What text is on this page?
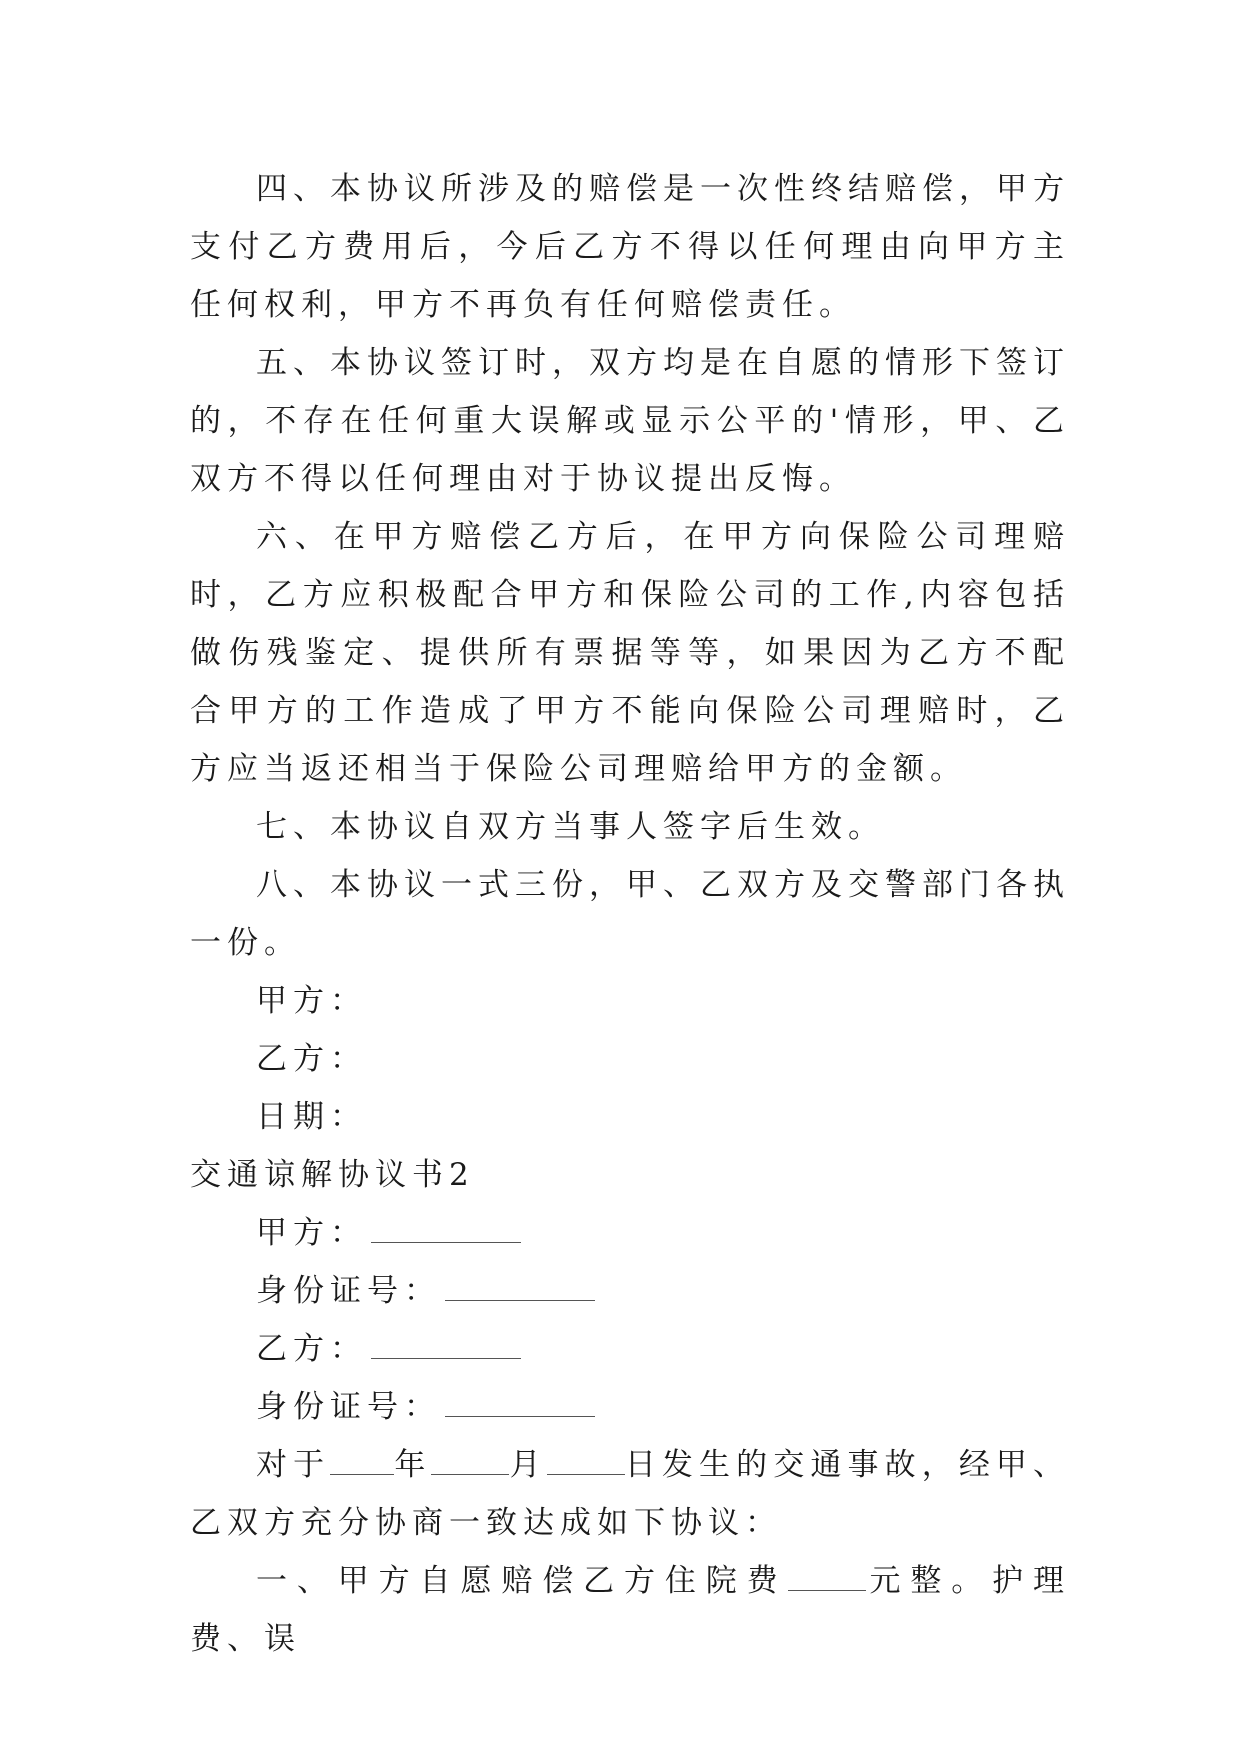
四、本协议所涉及的赔偿是一次性终结赔偿，甲方支付乙方费用后，今后乙方不得以任何理由向甲方主任何权利，甲方不再负有任何赔偿责任。

五、本协议签订时，双方均是在自愿的情形下签订的，不存在任何重大误解或显示公平的'情形，甲、乙双方不得以任何理由对于协议提出反悔。

六、在甲方赔偿乙方后，在甲方向保险公司理赔时，乙方应积极配合甲方和保险公司的工作,内容包括做伤残鉴定、提供所有票据等等，如果因为乙方不配合甲方的工作造成了甲方不能向保险公司理赔时，乙方应当返还相当于保险公司理赔给甲方的金额。

七、本协议自双方当事人签字后生效。

八、本协议一式三份，甲、乙双方及交警部门各执一份。

甲方：

乙方：

日期：

交通谅解协议书2

甲方：

身份证号：

乙方：

身份证号：

对于 年	月	日发生的交通事故，经甲、乙双方充分协商一致达成如下协议：

一、甲方自愿赔偿乙方住院费	元整。护理费、误
